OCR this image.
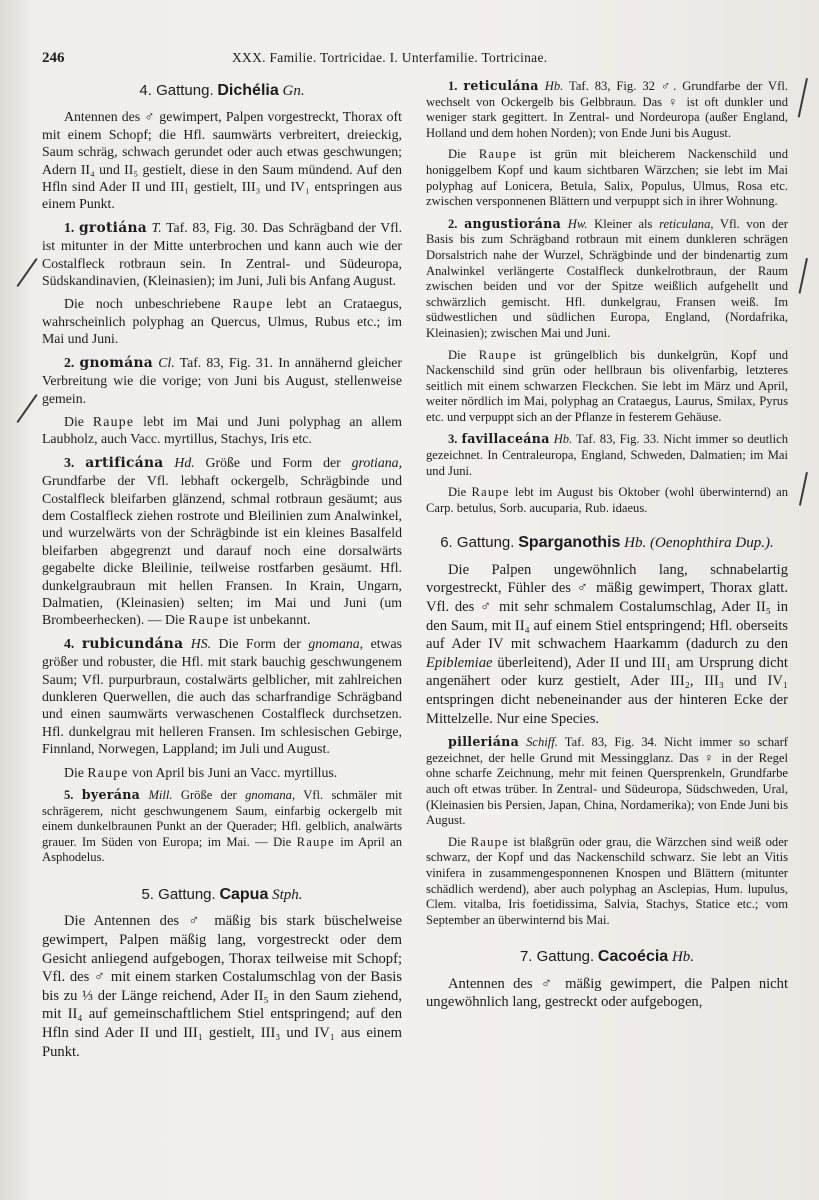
246	XXX. Familie. Tortricidae. I. Unterfamilie. Tortricinae.
4. Gattung. Dichélia Gn.

Antennen des ♂ gewimpert, Palpen vorgestreckt, Thorax oft mit einem Schopf; die Hfl. saumwärts verbreitert, dreieckig, Saum schräg, schwach gerundet oder auch etwas geschwungen; Adern II₄ und II₅ gestielt, diese in den Saum mündend. Auf den Hfln sind Ader II und III₁ gestielt, III₃ und IV₁ entspringen aus einem Punkt.

1. grotiána T. Taf. 83, Fig. 30. Das Schrägband der Vfl. ist mitunter in der Mitte unterbrochen und kann auch wie der Costalfleck rotbraun sein. In Zentral- und Südeuropa, Südskandinavien, (Kleinasien); im Juni, Juli bis Anfang August.

Die noch unbeschriebene Raupe lebt an Crataegus, wahrscheinlich polyphag an Quercus, Ulmus, Rubus etc.; im Mai und Juni.

2. gnomána Cl. Taf. 83, Fig. 31. In annähernd gleicher Verbreitung wie die vorige; von Juni bis August, stellenweise gemein.

Die Raupe lebt im Mai und Juni polyphag an allem Laubholz, auch Vacc. myrtillus, Stachys, Iris etc.

3. artificána Hd. Größe und Form der grotiana, Grundfarbe der Vfl. lebhaft ockergelb, Schrägbinde und Costalfleck bleifarben glänzend, schmal rotbraun gesäumt; aus dem Costalfleck ziehen rostrote und Bleilinien zum Analwinkel, und wurzelwärts von der Schrägbinde ist ein kleines Basalfeld bleifarben abgegrenzt und darauf noch eine dorsalwärts gegabelte dicke Bleilinie, teilweise rostfarben gesäumt. Hfl. dunkelgraubraun mit hellen Fransen. In Krain, Ungarn, Dalmatien, (Kleinasien) selten; im Mai und Juni (um Brombeerhecken). — Die Raupe ist unbekannt.

4. rubicundána HS. Die Form der gnomana, etwas größer und robuster, die Hfl. mit stark bauchig geschwungenem Saum; Vfl. purpurbraun, costalwärts gelblicher, mit zahlreichen dunkleren Querwellen, die auch das scharfrandige Schrägband und einen saumwärts verwaschenen Costalfleck durchsetzen. Hfl. dunkelgrau mit helleren Fransen. Im schlesischen Gebirge, Finnland, Norwegen, Lappland; im Juli und August.

Die Raupe von April bis Juni an Vacc. myrtillus.

5. byerána Mill. Größe der gnomana, Vfl. schmäler mit schrägerem, nicht geschwungenem Saum, einfarbig ockergelb mit einem dunkelbraunen Punkt an der Querader; Hfl. gelblich, analwärts grauer. Im Süden von Europa; im Mai. — Die Raupe im April an Asphodelus.

5. Gattung. Capua Stph.

Die Antennen des ♂ mäßig bis stark büschelweise gewimpert, Palpen mäßig lang, vorgestreckt oder dem Gesicht anliegend aufgebogen, Thorax teilweise mit Schopf; Vfl. des ♂ mit einem starken Costalumschlag von der Basis bis zu ⅓ der Länge reichend, Ader II₅ in den Saum ziehend, mit II₄ auf gemeinschaftlichem Stiel entspringend; auf den Hfln sind Ader II und III₁ gestielt, III₃ und IV₁ aus einem Punkt.

1. reticulána Hb. Taf. 83, Fig. 32 ♂. Grundfarbe der Vfl. wechselt von Ockergelb bis Gelbbraun. Das ♀ ist oft dunkler und weniger stark gegittert. In Zentral- und Nordeuropa (außer England, Holland und dem hohen Norden); von Ende Juni bis August.

Die Raupe ist grün mit bleicherem Nackenschild und honiggelbem Kopf und kaum sichtbaren Wärzchen; sie lebt im Mai polyphag auf Lonicera, Betula, Salix, Populus, Ulmus, Rosa etc. zwischen versponnenen Blättern und verpuppt sich in ihrer Wohnung.

2. angustiorána Hw. Kleiner als reticulana, Vfl. von der Basis bis zum Schrägband rotbraun mit einem dunkleren schrägen Dorsalstrich nahe der Wurzel, Schrägbinde und der bindenartig zum Analwinkel verlängerte Costalfleck dunkelrotbraun, der Raum zwischen beiden und vor der Spitze weißlich aufgehellt und schwärzlich gemischt. Hfl. dunkelgrau, Fransen weiß. Im südwestlichen und südlichen Europa, England, (Nordafrika, Kleinasien); zwischen Mai und Juni.

Die Raupe ist grüngelblich bis dunkelgrün, Kopf und Nackenschild sind grün oder hellbraun bis olivenfarbig, letzteres seitlich mit einem schwarzen Fleckchen. Sie lebt im März und April, weiter nördlich im Mai, polyphag an Crataegus, Laurus, Smilax, Pyrus etc. und verpuppt sich an der Pflanze in festerem Gehäuse.

3. favillaceána Hb. Taf. 83, Fig. 33. Nicht immer so deutlich gezeichnet. In Centraleuropa, England, Schweden, Dalmatien; im Mai und Juni.

Die Raupe lebt im August bis Oktober (wohl überwinternd) an Carp. betulus, Sorb. aucuparia, Rub. idaeus.

6. Gattung. Sparganothis Hb. (Oenophthira Dup.).

Die Palpen ungewöhnlich lang, schnabelartig vorgestreckt, Fühler des ♂ mäßig gewimpert, Thorax glatt. Vfl. des ♂ mit sehr schmalem Costalumschlag, Ader II₅ in den Saum, mit II₄ auf einem Stiel entspringend; Hfl. oberseits auf Ader IV mit schwachem Haarkamm (dadurch zu den Epiblemiae überleitend), Ader II und III₁ am Ursprung dicht angenähert oder kurz gestielt, Ader III₂, III₃ und IV₁ entspringen dicht nebeneinander aus der hinteren Ecke der Mittelzelle. Nur eine Species.

pilleriána Schiff. Taf. 83, Fig. 34. Nicht immer so scharf gezeichnet, der helle Grund mit Messingglanz. Das ♀ in der Regel ohne scharfe Zeichnung, mehr mit feinen Quersprenkeln, Grundfarbe auch oft etwas trüber. In Zentral- und Südeuropa, Südschweden, Ural, (Kleinasien bis Persien, Japan, China, Nordamerika); von Ende Juni bis August.

Die Raupe ist blaßgrün oder grau, die Wärzchen sind weiß oder schwarz, der Kopf und das Nackenschild schwarz. Sie lebt an Vitis vinifera in zusammengesponnenen Knospen und Blättern (mitunter schädlich werdend), aber auch polyphag an Asclepias, Hum. lupulus, Clem. vitalba, Iris foetidissima, Salvia, Stachys, Statice etc.; vom September an überwinternd bis Mai.

7. Gattung. Cacoécia Hb.

Antennen des ♂ mäßig gewimpert, die Palpen nicht ungewöhnlich lang, gestreckt oder aufgebogen,
